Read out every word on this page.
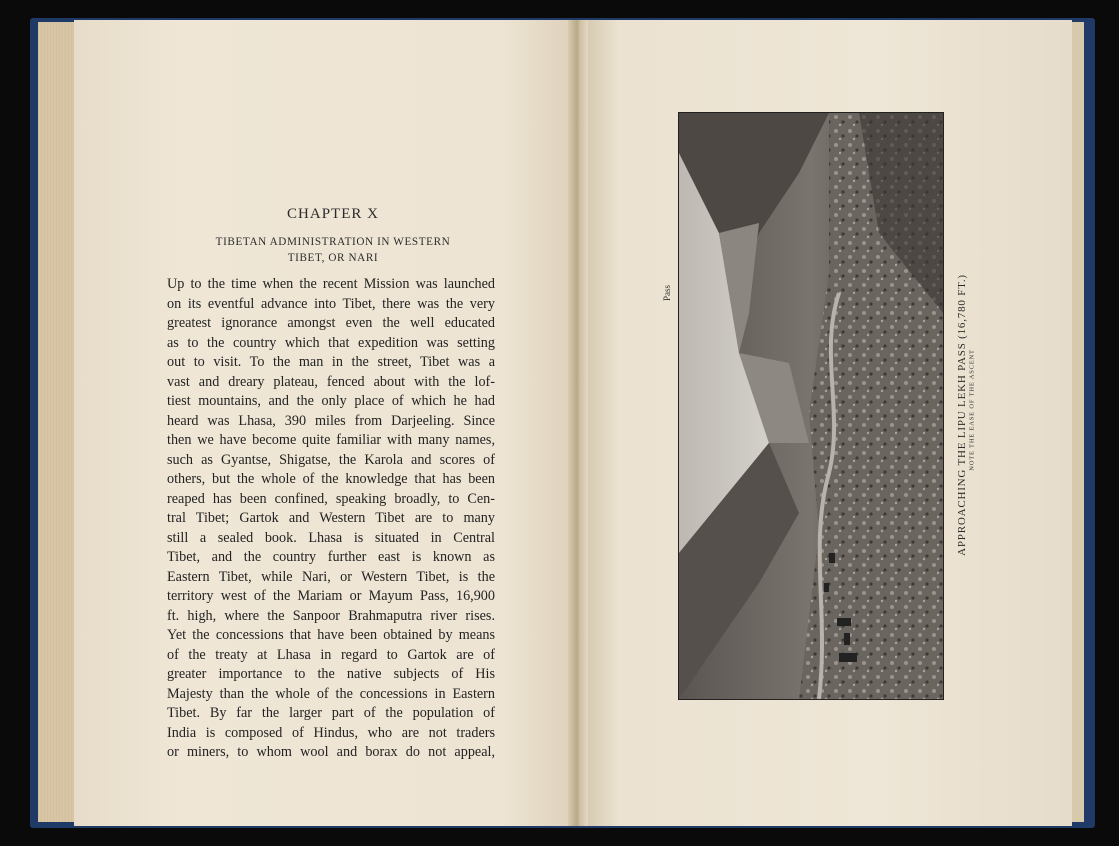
CHAPTER X
TIBETAN ADMINISTRATION IN WESTERN
TIBET, OR NARI
Up to the time when the recent Mission was launched
on its eventful advance into Tibet, there was the very
greatest ignorance amongst even the well educated
as to the country which that expedition was setting
out to visit. To the man in the street, Tibet was a
vast and dreary plateau, fenced about with the lof-
tiest mountains, and the only place of which he had
heard was Lhasa, 390 miles from Darjeeling. Since
then we have become quite familiar with many names,
such as Gyantse, Shigatse, the Karola and scores of
others, but the whole of the knowledge that has been
reaped has been confined, speaking broadly, to Cen-
tral Tibet; Gartok and Western Tibet are to many
still a sealed book. Lhasa is situated in Central
Tibet, and the country further east is known as
Eastern Tibet, while Nari, or Western Tibet, is the
territory west of the Mariam or Mayum Pass, 16,900
ft. high, where the Sanpoor Brahmaputra river rises.
Yet the concessions that have been obtained by means
of the treaty at Lhasa in regard to Gartok are of
greater importance to the native subjects of His
Majesty than the whole of the concessions in Eastern
Tibet. By far the larger part of the population of
India is composed of Hindus, who are not traders
or miners, to whom wool and borax do not appeal,
Pass	APPROACHING THE LIPU LEKH PASS (16,780 FT.) NOTE THE EASE OF THE ASCENT
